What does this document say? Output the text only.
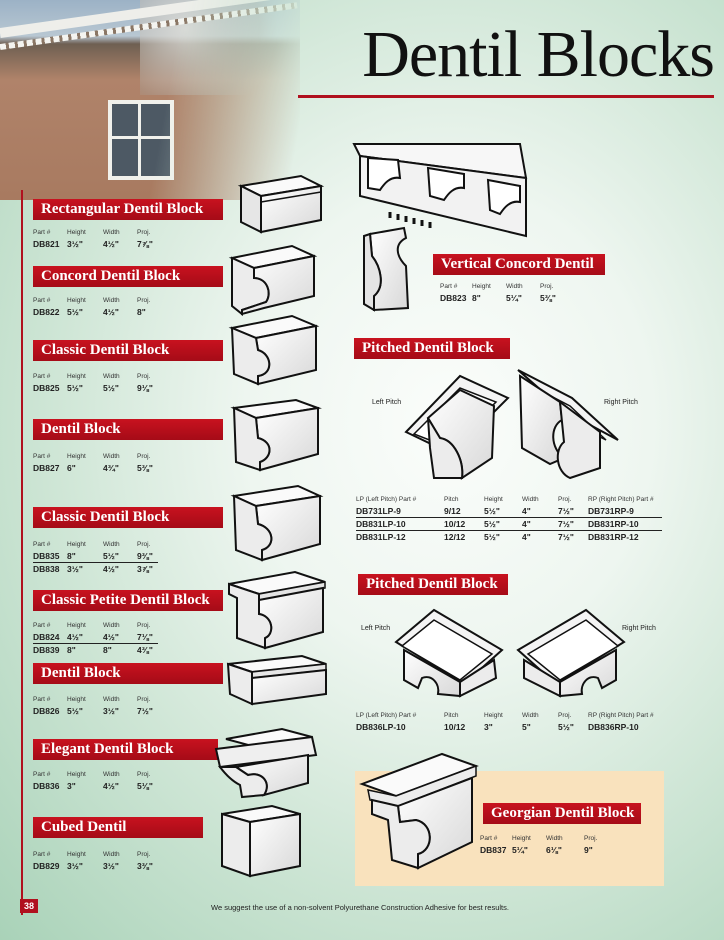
Dentil Blocks
Rectangular Dentil Block
Part #	Height	Width	Proj.
DB821 3½"	4½"	7⅞"
Concord Dentil Block
Part #	Height	Width	Proj.
DB822 5½"	4½"	8"
Classic Dentil Block
Part #	Height	Width	Proj.
DB825 5½"	5½"	9⅛"
Dentil Block
Part #	Height	Width	Proj.
DB827 6"	4¾"	5⅜"
Classic Dentil Block
Part #	Height	Width	Proj.
DB835 8"	5½"	9⅜"
DB838 3½"	4½"	3⅞"
Classic Petite Dentil Block
Part #	Height	Width	Proj.
DB824 4½"	4½"	7⅛"
DB839 8"	8"	4⅜"
Dentil Block
Part #	Height	Width	Proj.
DB826 5½"	3½"	7½"
Elegant Dentil Block
Part #	Height	Width	Proj.
DB836 3"	4½"	5⅛"
Cubed Dentil
Part #	Height	Width	Proj.
DB829 3½"	3½"	3⅜"
Vertical Concord Dentil
Part #	Height	Width	Proj.
DB823 8"	5¼"	5⅜"
Pitched Dentil Block
Left Pitch	Right Pitch
LP (Left Pitch) Part #	Pitch	Height	Width	Proj.	RP (Right Pitch) Part #
DB731LP-9	9/12	5½"	4"	7½"	DB731RP-9
DB831LP-10	10/12	5½"	4"	7½"	DB831RP-10
DB831LP-12	12/12	5½"	4"	7½"	DB831RP-12
Pitched Dentil Block
Left Pitch	Right Pitch
LP (Left Pitch) Part #	Pitch	Height	Width	Proj.	RP (Right Pitch) Part #
DB836LP-10	10/12	3"	5"	5½"	DB836RP-10
Georgian Dentil Block
Part #	Height	Width	Proj.
DB837 5¼"	6⅛"	9"
38	We suggest the use of a non-solvent Polyurethane Construction Adhesive for best results.
